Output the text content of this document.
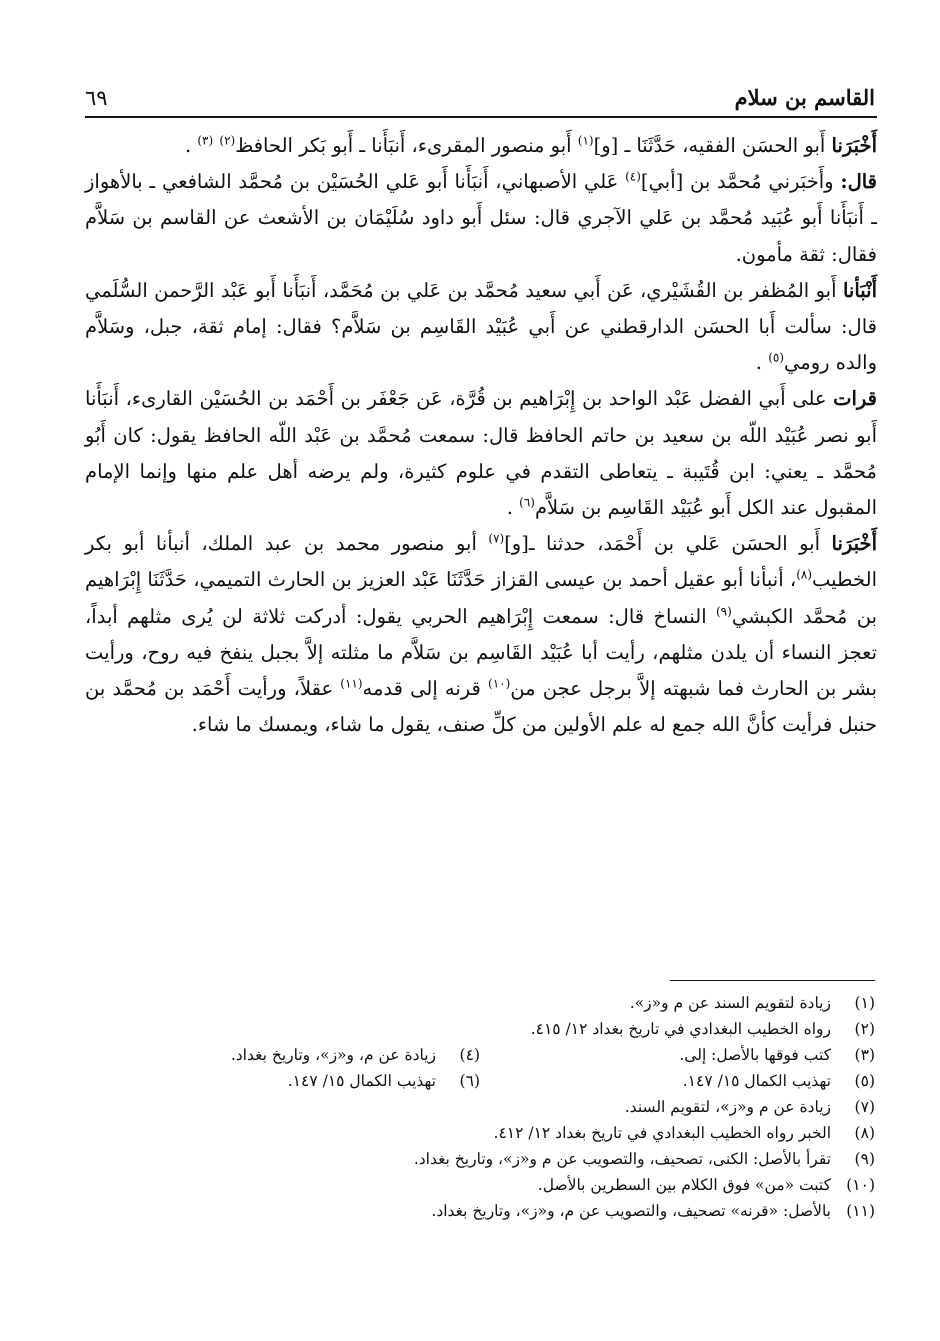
القاسم بن سلام
٦٩

أَخْبَرَنا أَبو الحسَن الفقيه، حَدَّثَنَا ـ [و]$^{(١)}$ أَبو منصور المقرىء، أَنبَأَنا ـ أَبو بَكر الحافظ$^{(٢)}$ $^{(٣)}$ .

قال: وأَخبَرني مُحمَّد بن [أبي]$^{(٤)}$ عَلي الأصبهاني، أَنبَأَنا أَبو عَلي الحُسَيْن بن مُحمَّد الشافعي ـ بالأهواز ـ أَنبَأَنا أَبو عُبَيد مُحمَّد بن عَلي الآجري قال: سئل أَبو داود سُلَيْمَان بن الأشعث عن القاسم بن سَلاَّم فقال: ثقة مأمون.

أَنْبَأنا أَبو المُظفر بن القُشَيْري، عَن أَبي سعيد مُحمَّد بن عَلي بن مُحَمَّد، أَنبَأَنا أَبو عَبْد الرَّحمن السُّلَمي قال: سألت أَبا الحسَن الدارقطني عن أَبي عُبَيْد القَاسِم بن سَلاَّم؟ فقال: إمام ثقة، جبل، وسَلاَّم والده رومي$^{(٥)}$ .

قرات على أَبي الفضل عَبْد الواحد بن إِبْرَاهيم بن قُرَّة، عَن جَعْفَر بن أَحْمَد بن الحُسَيْن القارىء، أَنبَأَنا أَبو نصر عُبَيْد اللّه بن سعيد بن حاتم الحافظ قال: سمعت مُحمَّد بن عَبْد اللّه الحافظ يقول: كان أَبُو مُحمَّد ـ يعني: ابن قُتَيبة ـ يتعاطى التقدم في علوم كثيرة، ولم يرضه أهل علم منها وإنما الإمام المقبول عند الكل أَبو عُبَيْد القَاسِم بن سَلاَّم$^{(٦)}$ .

أَخْبَرَنا أَبو الحسَن عَلي بن أَحْمَد، حدثنا ـ[و]$^{(٧)}$ أبو منصور محمد بن عبد الملك، أنبأنا أبو بكر الخطيب$^{(٨)}$، أنبأنا أبو عقيل أحمد بن عيسى القزاز حَدَّثَنَا عَبْد العزيز بن الحارث التميمي، حَدَّثَنَا إِبْرَاهيم بن مُحمَّد الكبشي$^{(٩)}$ النساخ قال: سمعت إِبْرَاهيم الحربي يقول: أدركت ثلاثة لن يُرى مثلهم أبداً، تعجز النساء أن يلدن مثلهم، رأيت أبا عُبَيْد القَاسِم بن سَلاَّم ما مثلته إلاَّ بجبل ينفخ فيه روح، ورأيت بشر بن الحارث فما شبهته إلاَّ برجل عجن من$^{(١٠)}$ قرنه إلى قدمه$^{(١١)}$ عقلاً، ورأيت أَحْمَد بن مُحمَّد بن حنبل فرأيت كأنَّ الله جمع له علم الأولين من كلِّ صنف، يقول ما شاء، ويمسك ما شاء.

(١)
زيادة لتقويم السند عن م و«ز».
(٢)
رواه الخطيب البغدادي في تاريخ بغداد ١٢/ ٤١٥.
(٣)
كتب فوقها بالأصل: إلى.
(٤)
زيادة عن م، و«ز»، وتاريخ بغداد.
(٥)
تهذيب الكمال ١٥/ ١٤٧.
(٦)
تهذيب الكمال ١٥/ ١٤٧.
(٧)
زيادة عن م و«ز»، لتقويم السند.
(٨)
الخبر رواه الخطيب البغدادي في تاريخ بغداد ١٢/ ٤١٢.
(٩)
تقرأ بالأصل: الكنى، تصحيف، والتصويب عن م و«ز»، وتاريخ بغداد.
(١٠)
كتبت «من» فوق الكلام بين السطرين بالأصل.
(١١)
بالأصل: «قرنه» تصحيف، والتصويب عن م، و«ز»، وتاريخ بغداد.
